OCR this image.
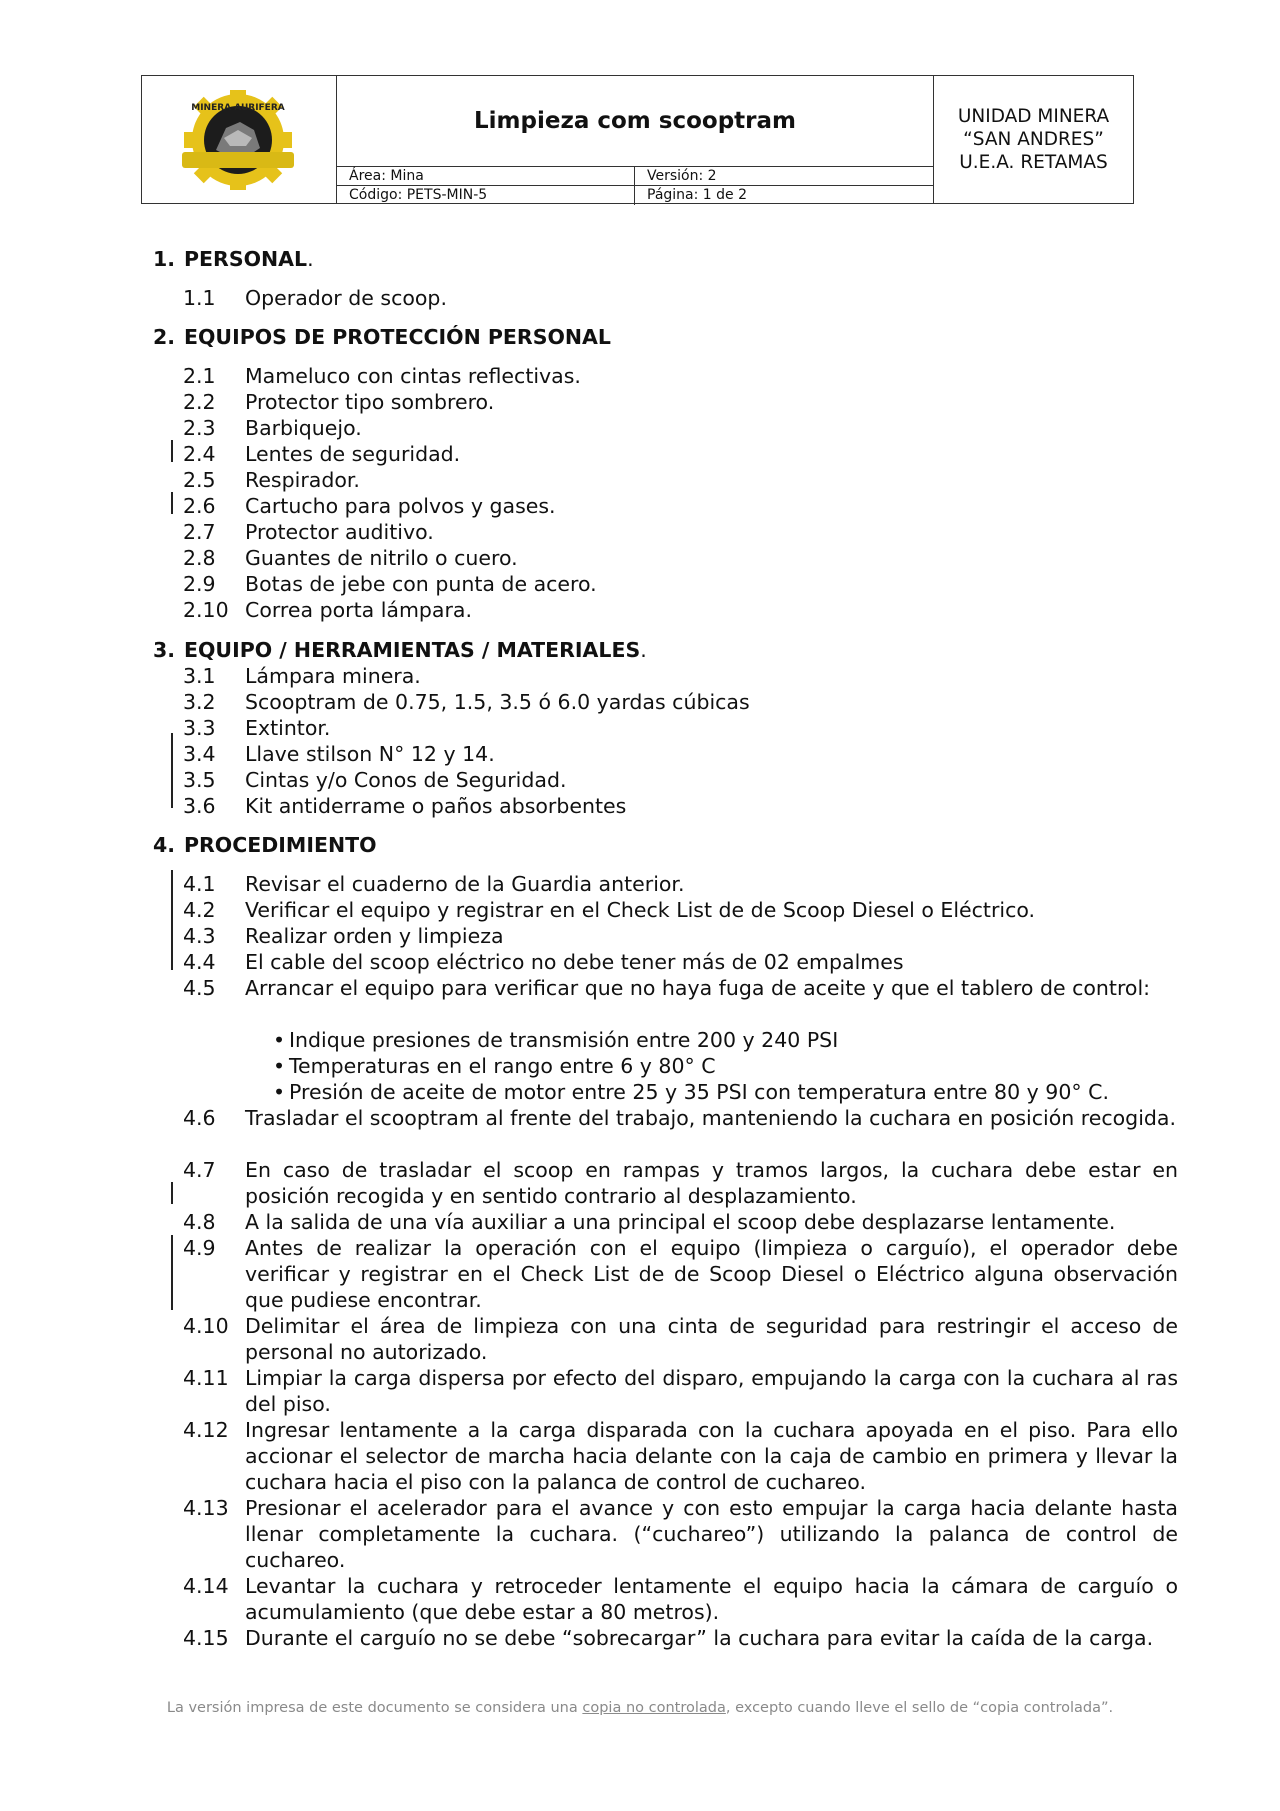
MINERA AURIFERA	Limpieza com scooptram
Área: Mina	Versión: 2
Código: PETS-MIN-5	Página: 1 de 2
UNIDAD MINERA
“SAN ANDRES”
U.E.A. RETAMAS
1. PERSONAL.
1.1 Operador de scoop.
2. EQUIPOS DE PROTECCIÓN PERSONAL
2.1 Mameluco con cintas reflectivas.
2.2 Protector tipo sombrero.
2.3 Barbiquejo.
2.4 Lentes de seguridad.
2.5 Respirador.
2.6 Cartucho para polvos y gases.
2.7 Protector auditivo.
2.8 Guantes de nitrilo o cuero.
2.9 Botas de jebe con punta de acero.
2.10 Correa porta lámpara.
3. EQUIPO / HERRAMIENTAS / MATERIALES.
3.1 Lámpara minera.
3.2 Scooptram de 0.75, 1.5, 3.5 ó 6.0 yardas cúbicas
3.3 Extintor.
3.4 Llave stilson N° 12 y 14.
3.5 Cintas y/o Conos de Seguridad.
3.6 Kit antiderrame o paños absorbentes
4. PROCEDIMIENTO
4.1 Revisar el cuaderno de la Guardia anterior.
4.2 Verificar el equipo y registrar en el Check List de de Scoop Diesel o Eléctrico.
4.3 Realizar orden y limpieza
4.4 El cable del scoop eléctrico no debe tener más de 02 empalmes
4.5 Arrancar el equipo para verificar que no haya fuga de aceite y que el tablero de control:
• Indique presiones de transmisión entre 200 y 240 PSI
• Temperaturas en el rango entre 6 y 80° C
• Presión de aceite de motor entre 25 y 35 PSI con temperatura entre 80 y 90° C.
4.6 Trasladar el scooptram al frente del trabajo, manteniendo la cuchara en posición recogida.
4.7 En caso de trasladar el scoop en rampas y tramos largos, la cuchara debe estar en posición recogida y en sentido contrario al desplazamiento.
4.8 A la salida de una vía auxiliar a una principal el scoop debe desplazarse lentamente.
4.9 Antes de realizar la operación con el equipo (limpieza o carguío), el operador debe verificar y registrar en el Check List de de Scoop Diesel o Eléctrico alguna observación que pudiese encontrar.
4.10 Delimitar el área de limpieza con una cinta de seguridad para restringir el acceso de personal no autorizado.
4.11 Limpiar la carga dispersa por efecto del disparo, empujando la carga con la cuchara al ras del piso.
4.12 Ingresar lentamente a la carga disparada con la cuchara apoyada en el piso. Para ello accionar el selector de marcha hacia delante con la caja de cambio en primera y llevar la cuchara hacia el piso con la palanca de control de cuchareo.
4.13 Presionar el acelerador para el avance y con esto empujar la carga hacia delante hasta llenar completamente la cuchara. (“cuchareo”) utilizando la palanca de control de cuchareo.
4.14 Levantar la cuchara y retroceder lentamente el equipo hacia la cámara de carguío o acumulamiento (que debe estar a 80 metros).
4.15 Durante el carguío no se debe “sobrecargar” la cuchara para evitar la caída de la carga.
La versión impresa de este documento se considera una copia no controlada, excepto cuando lleve el sello de “copia controlada”.
